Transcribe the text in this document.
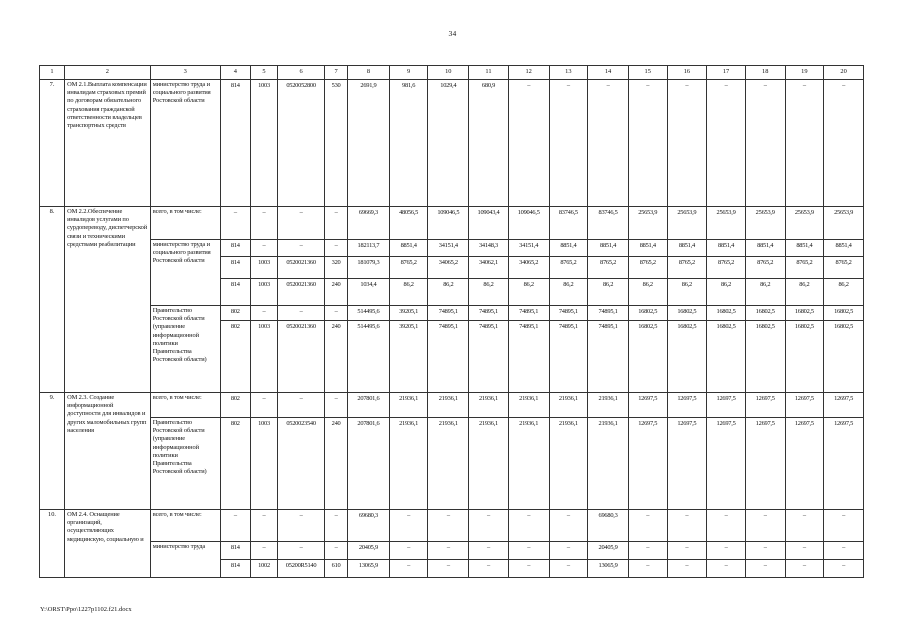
34
1	2	3	4	5	6	7	8	9	10	11	12	13	14	15	16	17	18	19	20
7.	ОМ 2.1.Выплата компенсации инвалидам страховых премий по договорам обязательного страхования гражданской ответственности владельцев транспортных средств	министерство труда и социального развития Ростовской области	814	1003	0520052800	530	2691,9	981,6	1029,4	680,9	–	–	–	–	–	–	–	–	–
8.	ОМ 2.2.Обеспечение инвалидов услугами по сурдопереводу, диспетчерской связи и техническими средствами реабилитации	всего, в том числе:	–	–	–	–	69669,3	48056,5	109046,5	109043,4	109046,5	83746,5	83746,5	25653,9	25653,9	25653,9	25653,9	25653,9	25653,9
		министерство труда и социального развития Ростовской области	814	–	–	–	182113,7	8851,4	34151,4	34148,3	34151,4	8851,4	8851,4	8851,4	8851,4	8851,4	8851,4	8851,4	8851,4
			814	1003	0520021360	320	181079,3	8765,2	34065,2	34062,1	34065,2	8765,2	8765,2	8765,2	8765,2	8765,2	8765,2	8765,2	8765,2
			814	1003	0520021360	240	1034,4	86,2	86,2	86,2	86,2	86,2	86,2	86,2	86,2	86,2	86,2	86,2	86,2
		Правительство Ростовской области (управление информационной политики Правительства Ростовской области)	802	–	–	–	514495,6	39205,1	74895,1	74895,1	74895,1	74895,1	74895,1	16802,5	16802,5	16802,5	16802,5	16802,5	16802,5
			802	1003	0520021360	240	514495,6	39205,1	74895,1	74895,1	74895,1	74895,1	74895,1	16802,5	16802,5	16802,5	16802,5	16802,5	16802,5
9.	ОМ 2.3. Создание информационной доступности для инвалидов и других маломобильных групп населения	всего, в том числе:	802	–	–	–	207801,6	21936,1	21936,1	21936,1	21936,1	21936,1	21936,1	12697,5	12697,5	12697,5	12697,5	12697,5	12697,5
		Правительство Ростовской области (управление информационной политики Правительства Ростовской области)	802	1003	0520023540	240	207801,6	21936,1	21936,1	21936,1	21936,1	21936,1	21936,1	12697,5	12697,5	12697,5	12697,5	12697,5	12697,5
10.	ОМ 2.4. Оснащение организаций, осуществляющих медицинскую, социальную и	всего, в том числе:	–	–	–	–	69680,3	–	–	–	–	–	69680,3	–	–	–	–	–	–
		министерство труда	814	–	–	–	20405,9	–	–	–	–	–	20405,9	–	–	–	–	–	–
			814	1002	05200R5140	610	13065,9	–	–	–	–	–	13065,9	–	–	–	–	–	–
Y:\ORST\Ppo\1227p1102.f21.docx
